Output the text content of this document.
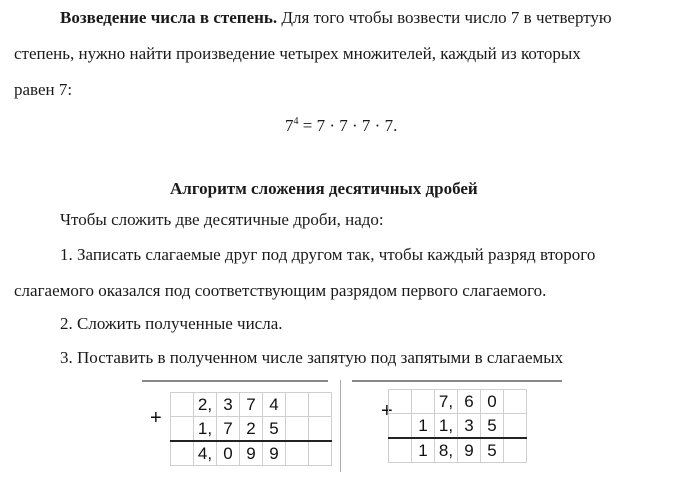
Возведение числа в степень. Для того чтобы возвести число 7 в четвертую
степень, нужно найти произведение четырех множителей, каждый из которых
равен 7:
$7^4 = 7 \cdot 7 \cdot 7 \cdot 7$.
Алгоритм сложения десятичных дробей
Чтобы сложить две десятичные дроби, надо:
1. Записать слагаемые друг под другом так, чтобы каждый разряд второго
слагаемого оказался под соответствующим разрядом первого слагаемого.
2. Сложить полученные числа.
3. Поставить в полученном числе запятую под запятыми в слагаемых
+
	2,	3	7	4		
	1,	7	2	5		
	4,	0	9	9		
+
			7,	6	0	
	1	1,	3	5	
	1	8,	9	5	
